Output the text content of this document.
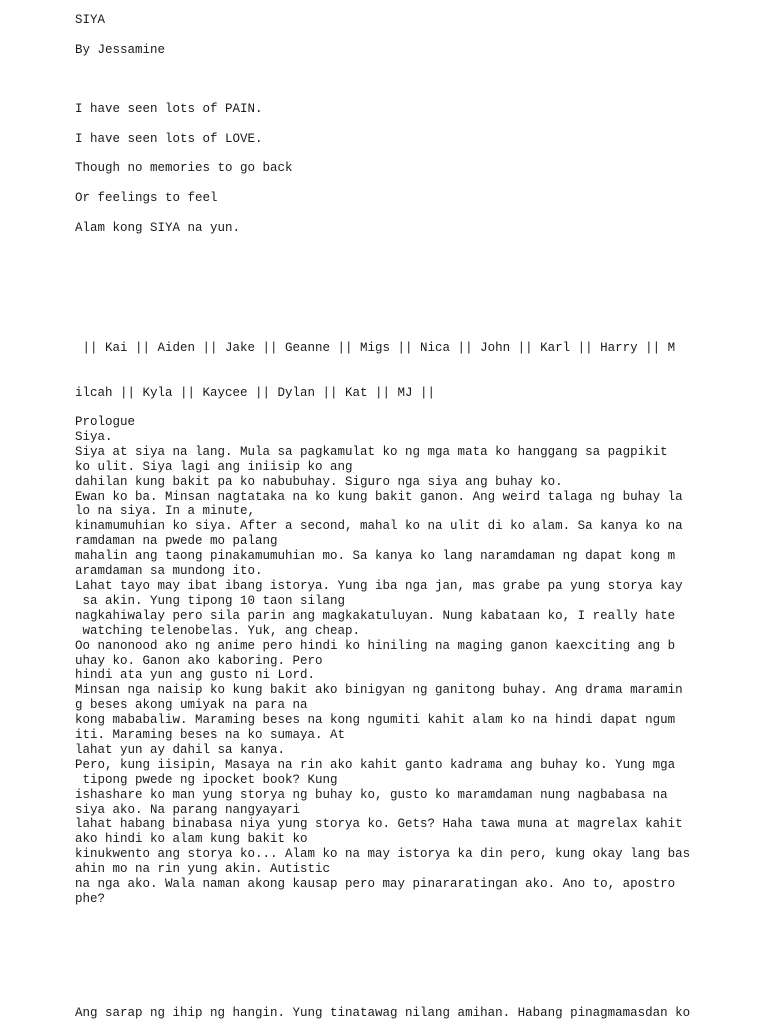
SIYA

By Jessamine

I have seen lots of PAIN.

I have seen lots of LOVE.

Though no memories to go back

Or feelings to feel

Alam kong SIYA na yun.

|| Kai || Aiden || Jake || Geanne || Migs || Nica || John || Karl || Harry || M

ilcah || Kyla || Kaycee || Dylan || Kat || MJ ||

Prologue
Siya.
Siya at siya na lang. Mula sa pagkamulat ko ng mga mata ko hanggang sa pagpikit
ko ulit. Siya lagi ang iniisip ko ang
dahilan kung bakit pa ko nabubuhay. Siguro nga siya ang buhay ko.
Ewan ko ba. Minsan nagtataka na ko kung bakit ganon. Ang weird talaga ng buhay la
lo na siya. In a minute,
kinamumuhian ko siya. After a second, mahal ko na ulit di ko alam. Sa kanya ko na
ramdaman na pwede mo palang
mahalin ang taong pinakamumuhian mo. Sa kanya ko lang naramdaman ng dapat kong m
aramdaman sa mundong ito.
Lahat tayo may ibat ibang istorya. Yung iba nga jan, mas grabe pa yung storya kay
sa akin. Yung tipong 10 taon silang
nagkahiwalay pero sila parin ang magkakatuluyan. Nung kabataan ko, I really hate
watching telenobelas. Yuk, ang cheap.
Oo nanonood ako ng anime pero hindi ko hiniling na maging ganon kaexciting ang b
uhay ko. Ganon ako kaboring. Pero
hindi ata yun ang gusto ni Lord.
Minsan nga naisip ko kung bakit ako binigyan ng ganitong buhay. Ang drama maramin
g beses akong umiyak na para na
kong mababaliw. Maraming beses na kong ngumiti kahit alam ko na hindi dapat ngum
iti. Maraming beses na ko sumaya. At
lahat yun ay dahil sa kanya.
Pero, kung iisipin, Masaya na rin ako kahit ganto kadrama ang buhay ko. Yung mga
tipong pwede ng ipocket book? Kung
ishashare ko man yung storya ng buhay ko, gusto ko maramdaman nung nagbabasa na
siya ako. Na parang nangyayari
lahat habang binabasa niya yung storya ko. Gets? Haha tawa muna at magrelax kahit
ako hindi ko alam kung bakit ko
kinukwento ang storya ko... Alam ko na may istorya ka din pero, kung okay lang bas
ahin mo na rin yung akin. Autistic
na nga ako. Wala naman akong kausap pero may pinararatingan ako. Ano to, apostro
phe?

Ang sarap ng ihip ng hangin. Yung tinatawag nilang amihan. Habang pinagmamasdan ko
